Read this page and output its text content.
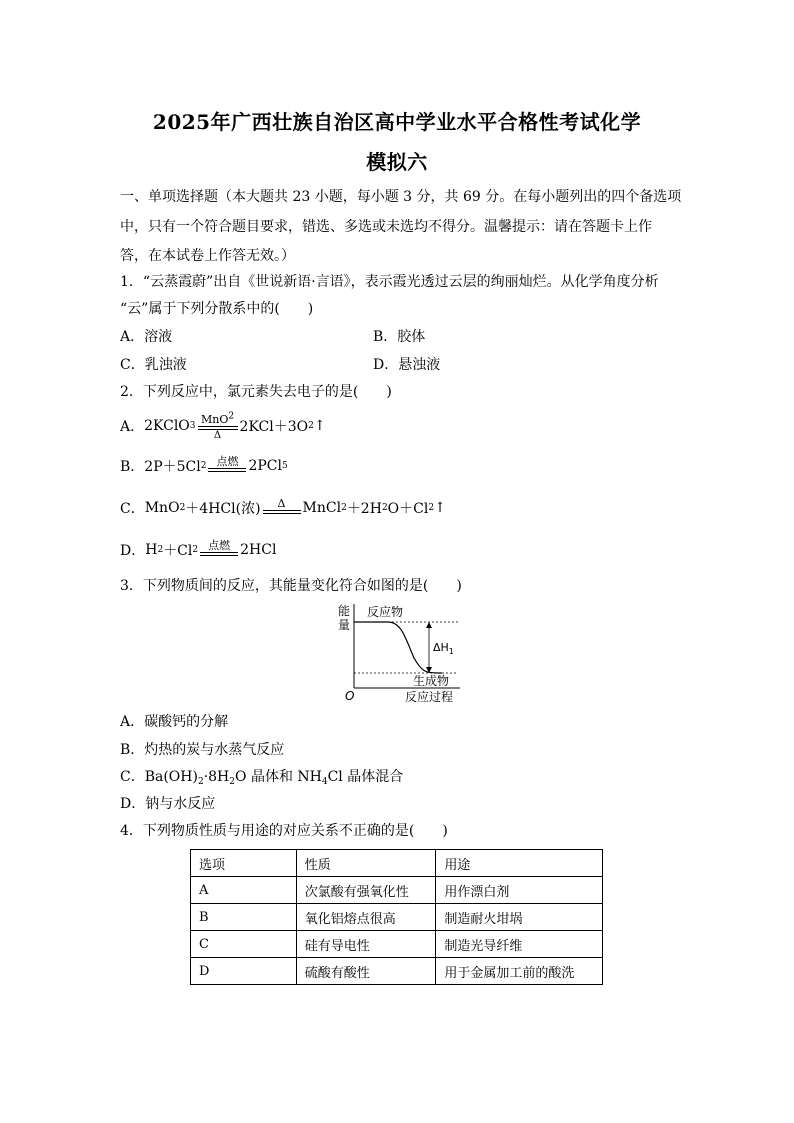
2025年广西壮族自治区高中学业水平合格性考试化学
模拟六
一、单项选择题（本大题共 23 小题，每小题 3 分，共 69 分。在每小题列出的四个备选项
中，只有一个符合题目要求，错选、多选或未选均不得分。温馨提示：请在答题卡上作
答，在本试卷上作答无效。）
1．“云蒸霞蔚”出自《世说新语·言语》，表示霞光透过云层的绚丽灿烂。从化学角度分析
“云”属于下列分散系中的(　　)
A．溶液	B．胶体
C．乳浊液	D．悬浊液
2．下列反应中，氯元素失去电子的是(　　)
A． 2KClO 3
MnO$^2$
Δ 2KCl＋3O 2 ↑
B． 2P＋5Cl 2 点燃 2PCl 5
C． MnO 2 ＋4HCl(浓) Δ MnCl 2 ＋2H 2 O＋Cl 2 ↑
D． H 2 ＋Cl 2 点燃 2HCl
3．下列物质间的反应，其能量变化符合如图的是(　　)
能
量
反应物
生成物
O	反应过程
$\Delta H_1$
A．碳酸钙的分解
B．灼热的炭与水蒸气反应
C．$Ba(OH)_2\cdot 8H_2O$ 晶体和 $NH_4Cl$ 晶体混合
D．钠与水反应
4．下列物质性质与用途的对应关系不正确的是(　　)
选项	性质	用途
A	次氯酸有强氧化性	用作漂白剂
B	氧化铝熔点很高	制造耐火坩埚
C	硅有导电性	制造光导纤维
D	硫酸有酸性	用于金属加工前的酸洗
